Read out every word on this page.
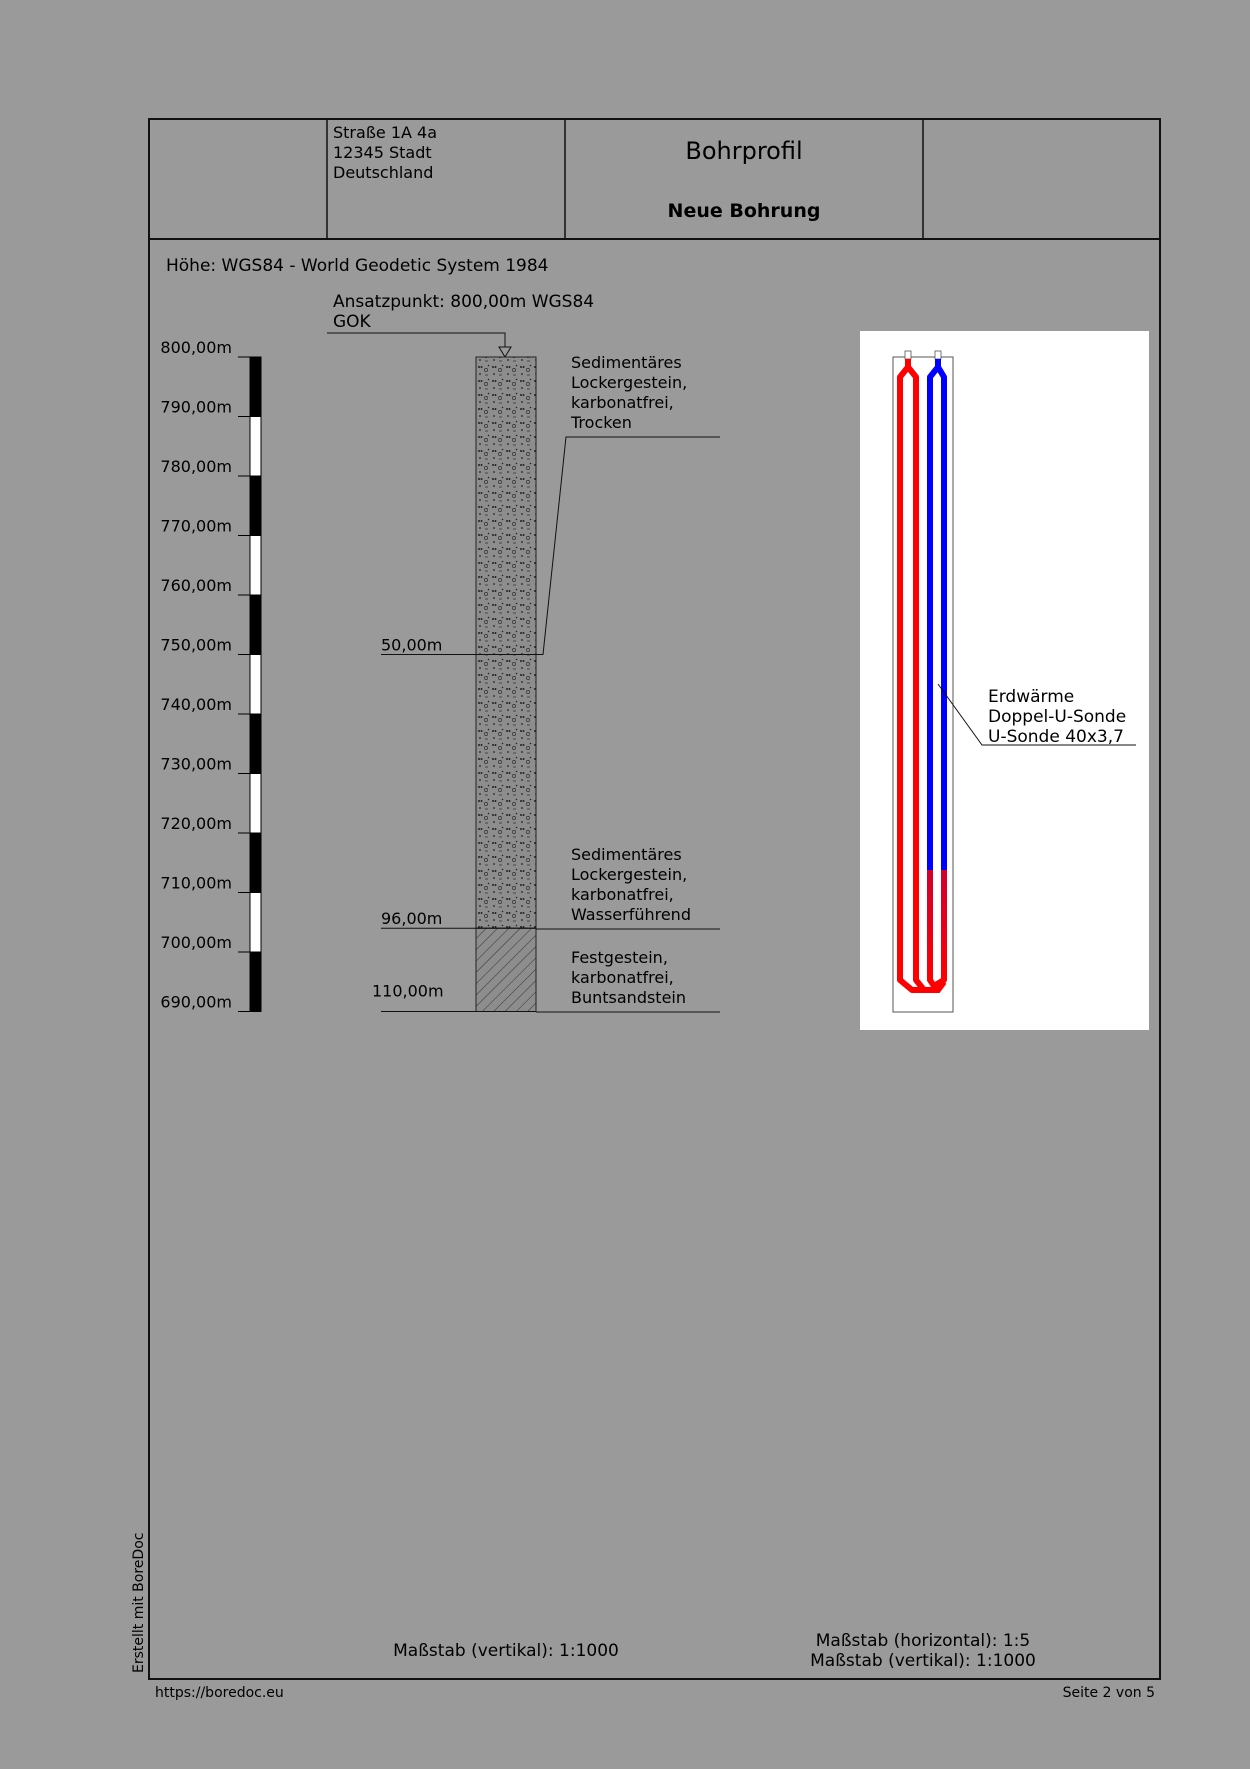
Straße 1A 4a
12345 Stadt
Deutschland
Bohrprofil
Neue Bohrung
Höhe: WGS84 - World Geodetic System 1984
Ansatzpunkt: 800,00m WGS84
GOK
800,00m
790,00m
780,00m
770,00m
760,00m
750,00m
740,00m
730,00m
720,00m
710,00m
700,00m
690,00m
50,00m
Sedimentäres
Lockergestein,
karbonatfrei,
Trocken
96,00m
Sedimentäres
Lockergestein,
karbonatfrei,
Wasserführend
110,00m
Festgestein,
karbonatfrei,
Buntsandstein
Erdwärme
Doppel-U-Sonde
U-Sonde 40x3,7
Maßstab (vertikal): 1:1000	Maßstab (horizontal): 1:5
Maßstab (vertikal): 1:1000
https://boredoc.eu	Seite 2 von 5
Erstellt mit BoreDoc
